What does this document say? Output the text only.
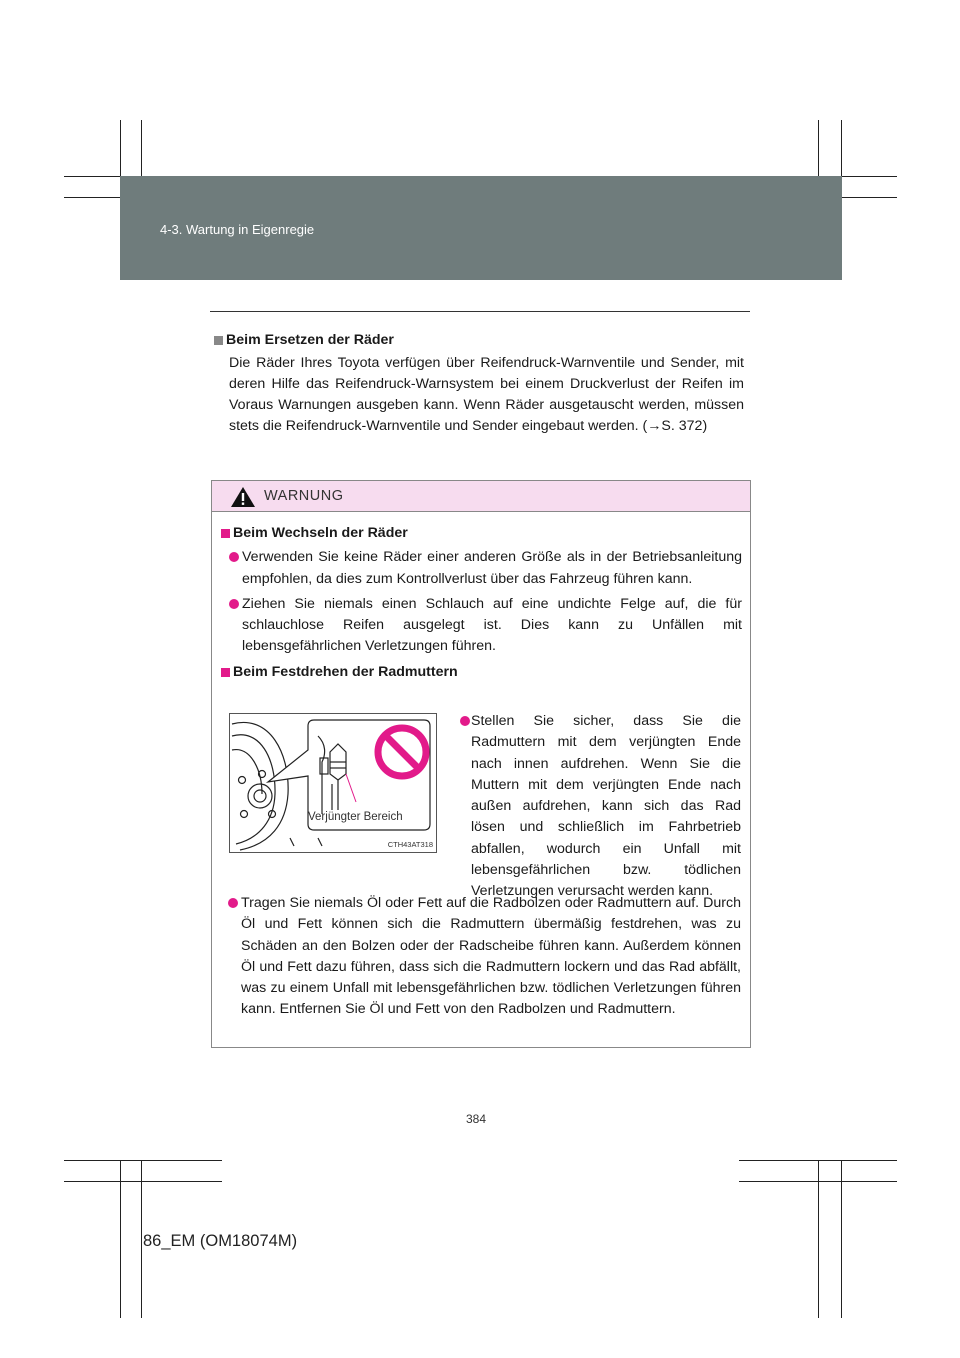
4-3. Wartung in Eigenregie
Beim Ersetzen der Räder
Die Räder Ihres Toyota verfügen über Reifendruck-Warnventile und Sender, mit deren Hilfe das Reifendruck-Warnsystem bei einem Druckverlust der Reifen im Voraus Warnungen ausgeben kann. Wenn Räder ausgetauscht werden, müssen stets die Reifendruck-Warnventile und Sender eingebaut werden. (→S. 372)
WARNUNG
Beim Wechseln der Räder
Verwenden Sie keine Räder einer anderen Größe als in der Betriebsanleitung empfohlen, da dies zum Kontrollverlust über das Fahrzeug führen kann.
Ziehen Sie niemals einen Schlauch auf eine undichte Felge auf, die für schlauchlose Reifen ausgelegt ist. Dies kann zu Unfällen mit lebensgefährlichen Verletzungen führen.
Beim Festdrehen der Radmuttern
Verjüngter Bereich
CTH43AT318
Stellen Sie sicher, dass Sie die Radmuttern mit dem verjüngten Ende nach innen aufdrehen. Wenn Sie die Muttern mit dem verjüngten Ende nach außen aufdrehen, kann sich das Rad lösen und schließlich im Fahrbetrieb abfallen, wodurch ein Unfall mit lebensgefährlichen bzw. tödlichen Verletzungen verursacht werden kann.
Tragen Sie niemals Öl oder Fett auf die Radbolzen oder Radmuttern auf. Durch Öl und Fett können sich die Radmuttern übermäßig festdrehen, was zu Schäden an den Bolzen oder der Radscheibe führen kann. Außerdem können Öl und Fett dazu führen, dass sich die Radmuttern lockern und das Rad abfällt, was zu einem Unfall mit lebensgefährlichen bzw. tödlichen Verletzungen führen kann. Entfernen Sie Öl und Fett von den Radbolzen und Radmuttern.
384
86_EM (OM18074M)
